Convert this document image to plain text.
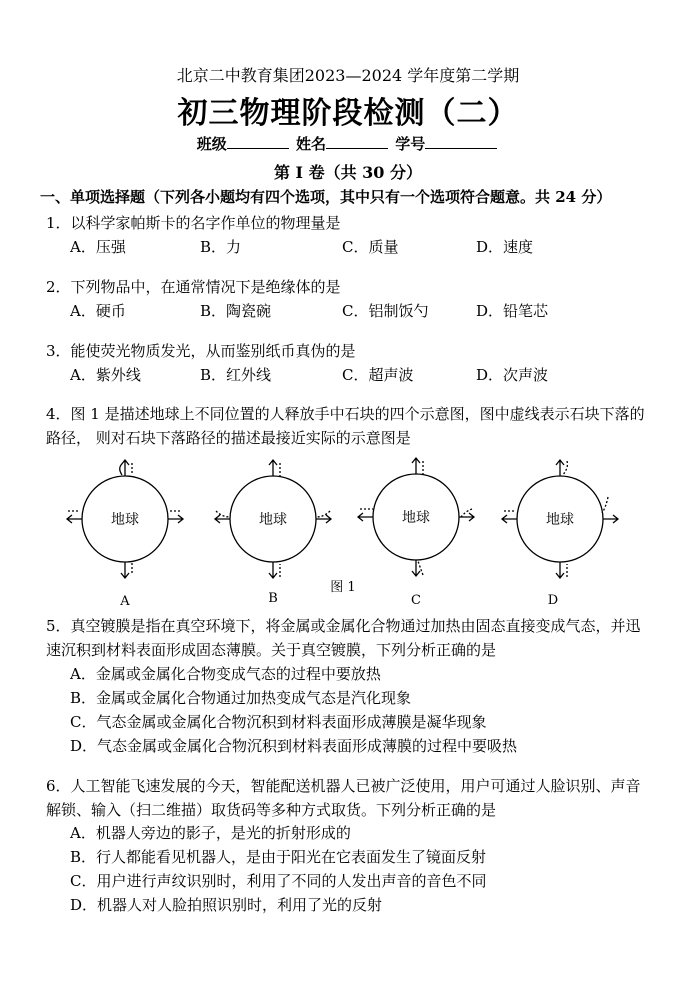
北京二中教育集团2023—2024 学年度第二学期
初三物理阶段检测（二）
班级	姓名	学号
第 I 卷（共 30 分）
一、单项选择题（下列各小题均有四个选项，其中只有一个选项符合题意。共 24 分）
1．以科学家帕斯卡的名字作单位的物理量是
A．压强	B．力	C．质量	D．速度
2．下列物品中，在通常情况下是绝缘体的是
A．硬币	B．陶瓷碗	C．铝制饭勺	D．铅笔芯
3．能使荧光物质发光，从而鉴别纸币真伪的是
A．紫外线	B．红外线	C．超声波	D．次声波
4．图 1 是描述地球上不同位置的人释放手中石块的四个示意图，图中虚线表示石块下落的路径， 则对石块下落路径的描述最接近实际的示意图是
地球	地球	地球	地球
图 1
A	B	C	D
5．真空镀膜是指在真空环境下，将金属或金属化合物通过加热由固态直接变成气态，并迅速沉积到材料表面形成固态薄膜。关于真空镀膜，下列分析正确的是
A．金属或金属化合物变成气态的过程中要放热
B．金属或金属化合物通过加热变成气态是汽化现象
C．气态金属或金属化合物沉积到材料表面形成薄膜是凝华现象
D．气态金属或金属化合物沉积到材料表面形成薄膜的过程中要吸热
6．人工智能飞速发展的今天，智能配送机器人已被广泛使用，用户可通过人脸识别、声音解锁、输入（扫二维描）取货码等多种方式取货。下列分析正确的是
A．机器人旁边的影子，是光的折射形成的
B．行人都能看见机器人，是由于阳光在它表面发生了镜面反射
C．用户进行声纹识别时，利用了不同的人发出声音的音色不同
D．机器人对人脸拍照识别时，利用了光的反射
